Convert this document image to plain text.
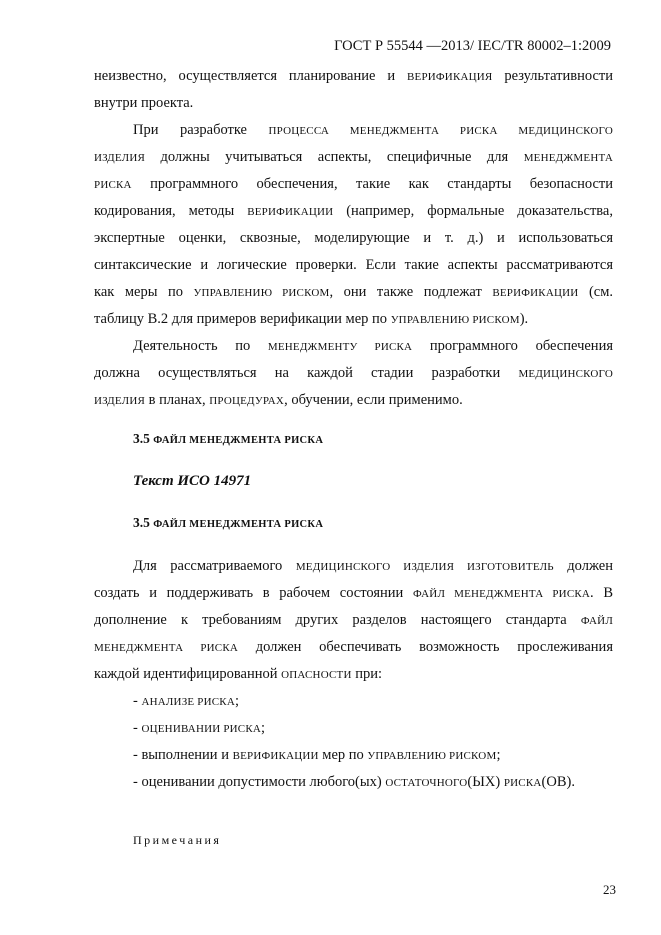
ГОСТ Р 55544 —2013/ IEC/TR 80002–1:2009
неизвестно, осуществляется планирование и ВЕРИФИКАЦИЯ результативности
внутри проекта.
При разработке ПРОЦЕССА МЕНЕДЖМЕНТА РИСКА МЕДИЦИНСКОГО
ИЗДЕЛИЯ должны учитываться аспекты, специфичные для МЕНЕДЖМЕНТА
РИСКА программного обеспечения, такие как стандарты безопасности
кодирования, методы ВЕРИФИКАЦИИ (например, формальные доказательства,
экспертные оценки, сквозные, моделирующие и т. д.) и использоваться
синтаксические и логические проверки. Если такие аспекты рассматриваются
как меры по УПРАВЛЕНИЮ РИСКОМ, они также подлежат ВЕРИФИКАЦИИ (см.
таблицу В.2 для примеров верификации мер по УПРАВЛЕНИЮ РИСКОМ).
Деятельность по МЕНЕДЖМЕНТУ РИСКА программного обеспечения
должна осуществляться на каждой стадии разработки МЕДИЦИНСКОГО
ИЗДЕЛИЯ в планах, ПРОЦЕДУРАХ, обучении, если применимо.
3.5 ФАЙЛ МЕНЕДЖМЕНТА РИСКА
Текст ИСО 14971
3.5 ФАЙЛ МЕНЕДЖМЕНТА РИСКА
Для рассматриваемого МЕДИЦИНСКОГО ИЗДЕЛИЯ ИЗГОТОВИТЕЛЬ должен
создать и поддерживать в рабочем состоянии ФАЙЛ МЕНЕДЖМЕНТА РИСКА. В
дополнение к требованиям других разделов настоящего стандарта ФАЙЛ
МЕНЕДЖМЕНТА РИСКА должен обеспечивать возможность прослеживания
каждой идентифицированной ОПАСНОСТИ при:
- АНАЛИЗЕ РИСКА;
- ОЦЕНИВАНИИ РИСКА;
- выполнении и ВЕРИФИКАЦИИ мер по УПРАВЛЕНИЮ РИСКОМ;
- оценивании допустимости любого(ых) ОСТАТОЧНОГО(ЫХ) РИСКА(ОВ).
Примечания
23
